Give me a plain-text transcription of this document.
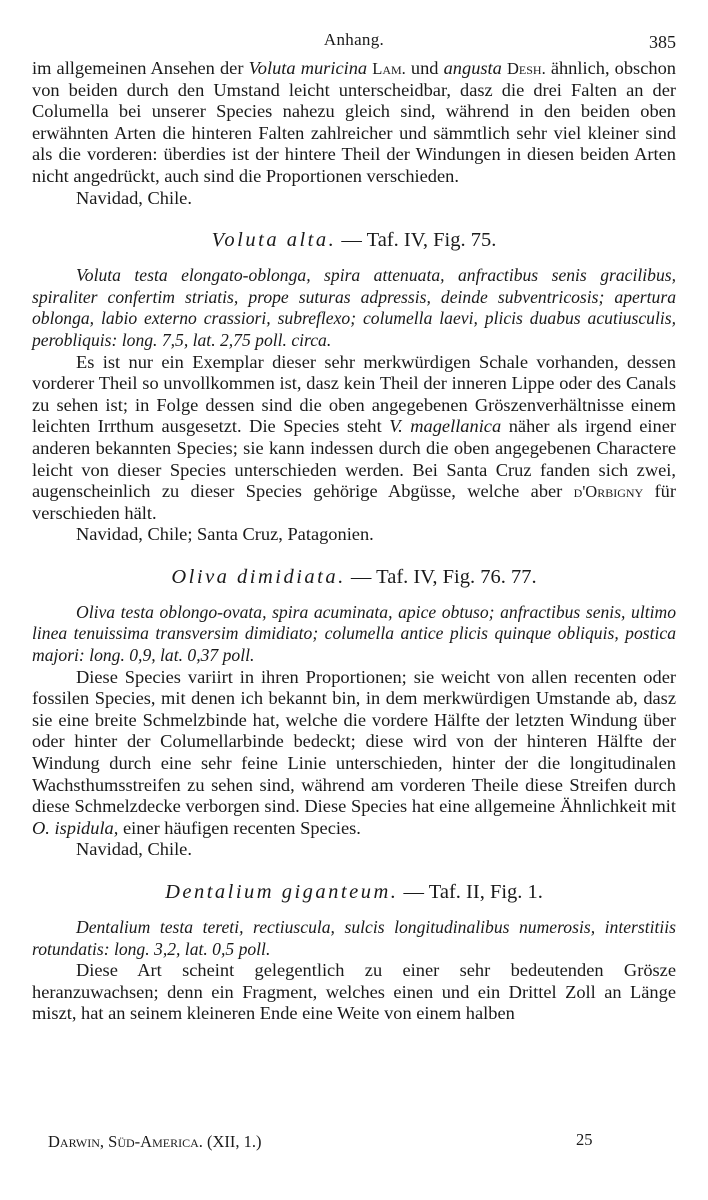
Anhang.	385

im allgemeinen Ansehen der Voluta muricina Lam. und angusta Desh. ähnlich, obschon von beiden durch den Umstand leicht unterscheidbar, dasz die drei Falten an der Columella bei unserer Species nahezu gleich sind, während in den beiden oben erwähnten Arten die hinteren Falten zahlreicher und sämmtlich sehr viel kleiner sind als die vorderen: überdies ist der hintere Theil der Windungen in diesen beiden Arten nicht angedrückt, auch sind die Proportionen verschieden.

Navidad, Chile.

Voluta alta. — Taf. IV, Fig. 75.

Voluta testa elongato-oblonga, spira attenuata, anfractibus senis gracilibus, spiraliter confertim striatis, prope suturas adpressis, deinde subventricosis; apertura oblonga, labio externo crassiori, subreflexo; columella laevi, plicis duabus acutiusculis, perobliquis: long. 7,5, lat. 2,75 poll. circa.

Es ist nur ein Exemplar dieser sehr merkwürdigen Schale vorhanden, dessen vorderer Theil so unvollkommen ist, dasz kein Theil der inneren Lippe oder des Canals zu sehen ist; in Folge dessen sind die oben angegebenen Gröszenverhältnisse einem leichten Irrthum ausgesetzt. Die Species steht V. magellanica näher als irgend einer anderen bekannten Species; sie kann indessen durch die oben angegebenen Charactere leicht von dieser Species unterschieden werden. Bei Santa Cruz fanden sich zwei, augenscheinlich zu dieser Species gehörige Abgüsse, welche aber d'Orbigny für verschieden hält.

Navidad, Chile; Santa Cruz, Patagonien.

Oliva dimidiata. — Taf. IV, Fig. 76. 77.

Oliva testa oblongo-ovata, spira acuminata, apice obtuso; anfractibus senis, ultimo linea tenuissima transversim dimidiato; columella antice plicis quinque obliquis, postica majori: long. 0,9, lat. 0,37 poll.

Diese Species variirt in ihren Proportionen; sie weicht von allen recenten oder fossilen Species, mit denen ich bekannt bin, in dem merkwürdigen Umstande ab, dasz sie eine breite Schmelzbinde hat, welche die vordere Hälfte der letzten Windung über oder hinter der Columellarbinde bedeckt; diese wird von der hinteren Hälfte der Windung durch eine sehr feine Linie unterschieden, hinter der die longitudinalen Wachsthumsstreifen zu sehen sind, während am vorderen Theile diese Streifen durch diese Schmelzdecke verborgen sind. Diese Species hat eine allgemeine Ähnlichkeit mit O. ispidula, einer häufigen recenten Species.

Navidad, Chile.

Dentalium giganteum. — Taf. II, Fig. 1.

Dentalium testa tereti, rectiuscula, sulcis longitudinalibus numerosis, interstitiis rotundatis: long. 3,2, lat. 0,5 poll.

Diese Art scheint gelegentlich zu einer sehr bedeutenden Grösze heranzuwachsen; denn ein Fragment, welches einen und ein Drittel Zoll an Länge miszt, hat an seinem kleineren Ende eine Weite von einem halben

Darwin, Süd-America. (XII, 1.)	25
